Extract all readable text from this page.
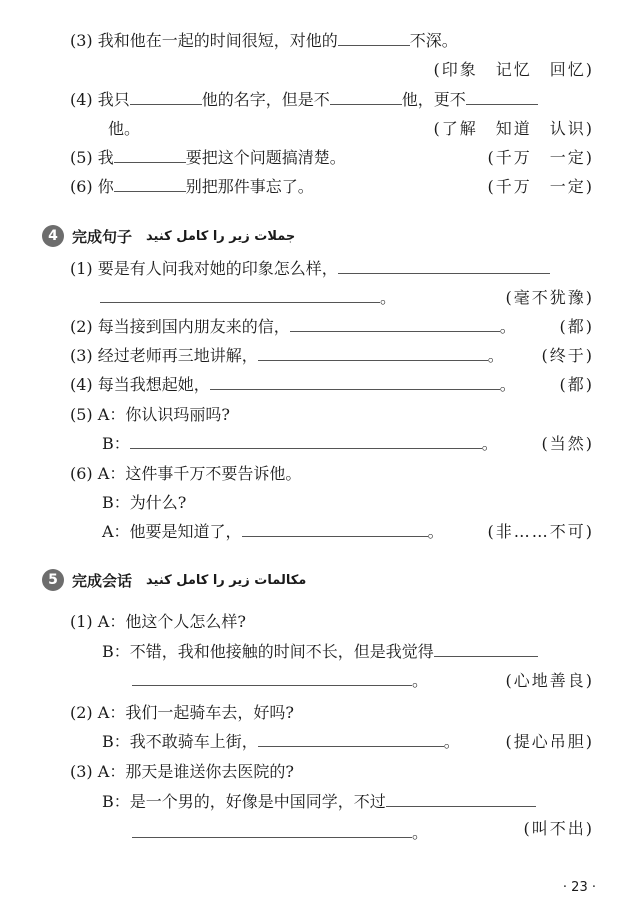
(3) 我和他在一起的时间很短，对他的	不深。
(印象　记忆　回忆)
(4) 我只	他的名字，但是不	他，更不
他。	(了解　知道　认识)
(5) 我	要把这个问题搞清楚。	(千万　一定)
(6) 你	别把那件事忘了。	(千万　一定)
4 完成句子 جملات زیر را کامل کنید
(1) 要是有人问我对她的印象怎么样，
。	(毫不犹豫)
(2) 每当接到国内朋友来的信，	。	(都)
(3) 经过老师再三地讲解，	。 (终于)
(4) 每当我想起她，	。	(都)
(5) A：你认识玛丽吗?
B：	。	(当然)
(6) A：这件事千万不要告诉他。
B：为什么?
A：他要是知道了，	。	(非……不可)
5 完成会话 مکالمات زیر را کامل کنید
(1) A：他这个人怎么样?
B：不错，我和他接触的时间不长，但是我觉得
。	(心地善良)
(2) A：我们一起骑车去，好吗?
B：我不敢骑车上街，	。	(提心吊胆)
(3) A：那天是谁送你去医院的?
B：是一个男的，好像是中国同学，不过
。	(叫不出)
· 23 ·
